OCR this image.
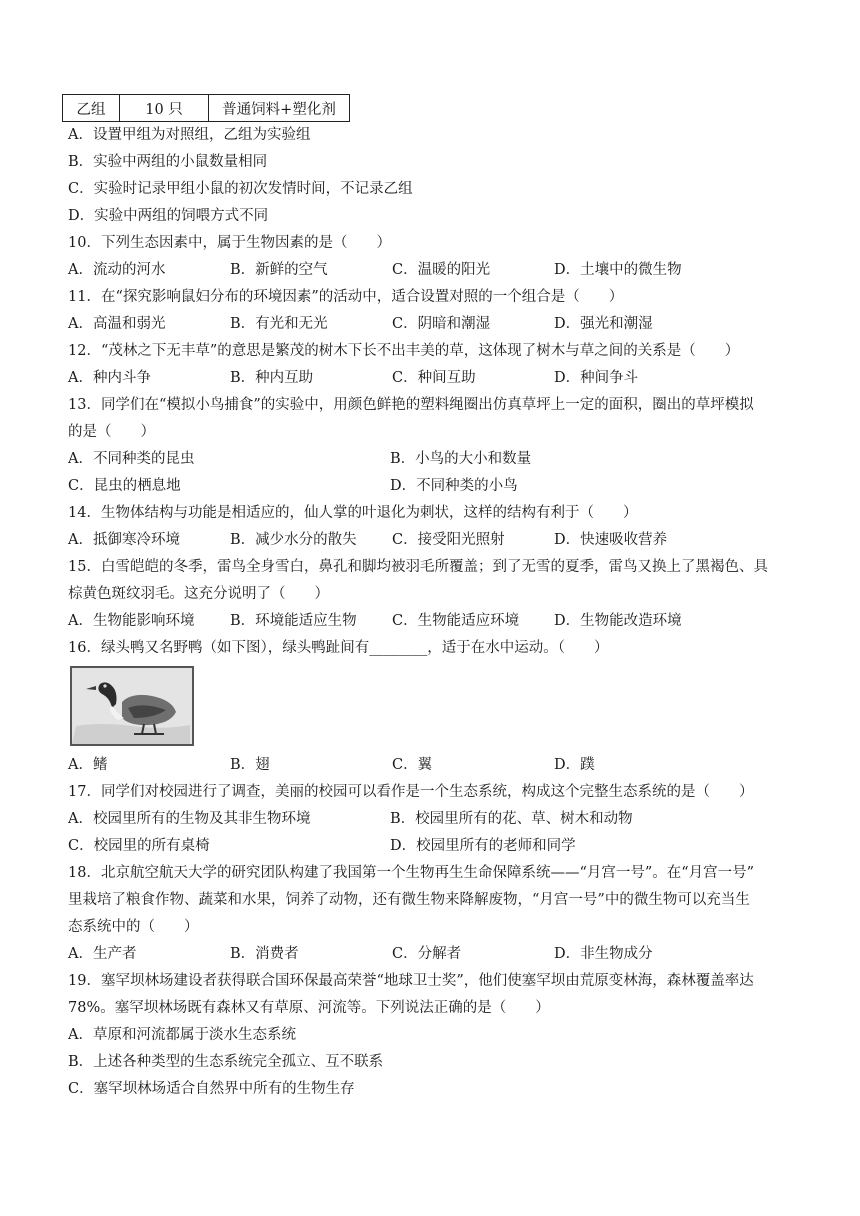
乙组	10 只	普通饲料+塑化剂
A．设置甲组为对照组，乙组为实验组
B．实验中两组的小鼠数量相同
C．实验时记录甲组小鼠的初次发情时间，不记录乙组
D．实验中两组的饲喂方式不同
10．下列生态因素中，属于生物因素的是（　　）
A．流动的河水	B．新鲜的空气	C．温暖的阳光	D．土壤中的微生物
11．在“探究影响鼠妇分布的环境因素”的活动中，适合设置对照的一个组合是（　　）
A．高温和弱光	B．有光和无光	C．阴暗和潮湿	D．强光和潮湿
12．“茂林之下无丰草”的意思是繁茂的树木下长不出丰美的草，这体现了树木与草之间的关系是（　　）
A．种内斗争	B．种内互助	C．种间互助	D．种间争斗
13．同学们在“模拟小鸟捕食”的实验中，用颜色鲜艳的塑料绳圈出仿真草坪上一定的面积，圈出的草坪模拟
的是（　　）
A．不同种类的昆虫	B．小鸟的大小和数量
C．昆虫的栖息地	D．不同种类的小鸟
14．生物体结构与功能是相适应的，仙人掌的叶退化为刺状，这样的结构有利于（　　）
A．抵御寒冷环境	B．减少水分的散失	C．接受阳光照射	D．快速吸收营养
15．白雪皑皑的冬季，雷鸟全身雪白，鼻孔和脚均被羽毛所覆盖；到了无雪的夏季，雷鸟又换上了黑褐色、具
棕黄色斑纹羽毛。这充分说明了（　　）
A．生物能影响环境	B．环境能适应生物	C．生物能适应环境	D．生物能改造环境
16．绿头鸭又名野鸭（如下图），绿头鸭趾间有________，适于在水中运动。（　　）
A．鳍	B．翅	C．翼	D．蹼
17．同学们对校园进行了调查，美丽的校园可以看作是一个生态系统，构成这个完整生态系统的是（　　）
A．校园里所有的生物及其非生物环境	B．校园里所有的花、草、树木和动物
C．校园里的所有桌椅	D．校园里所有的老师和同学
18．北京航空航天大学的研究团队构建了我国第一个生物再生生命保障系统——“月宫一号”。在“月宫一号”
里栽培了粮食作物、蔬菜和水果，饲养了动物，还有微生物来降解废物，“月宫一号”中的微生物可以充当生
态系统中的（　　）
A．生产者	B．消费者	C．分解者	D．非生物成分
19．塞罕坝林场建设者获得联合国环保最高荣誉“地球卫士奖”，他们使塞罕坝由荒原变林海，森林覆盖率达
78%。塞罕坝林场既有森林又有草原、河流等。下列说法正确的是（　　）
A．草原和河流都属于淡水生态系统
B．上述各种类型的生态系统完全孤立、互不联系
C．塞罕坝林场适合自然界中所有的生物生存
